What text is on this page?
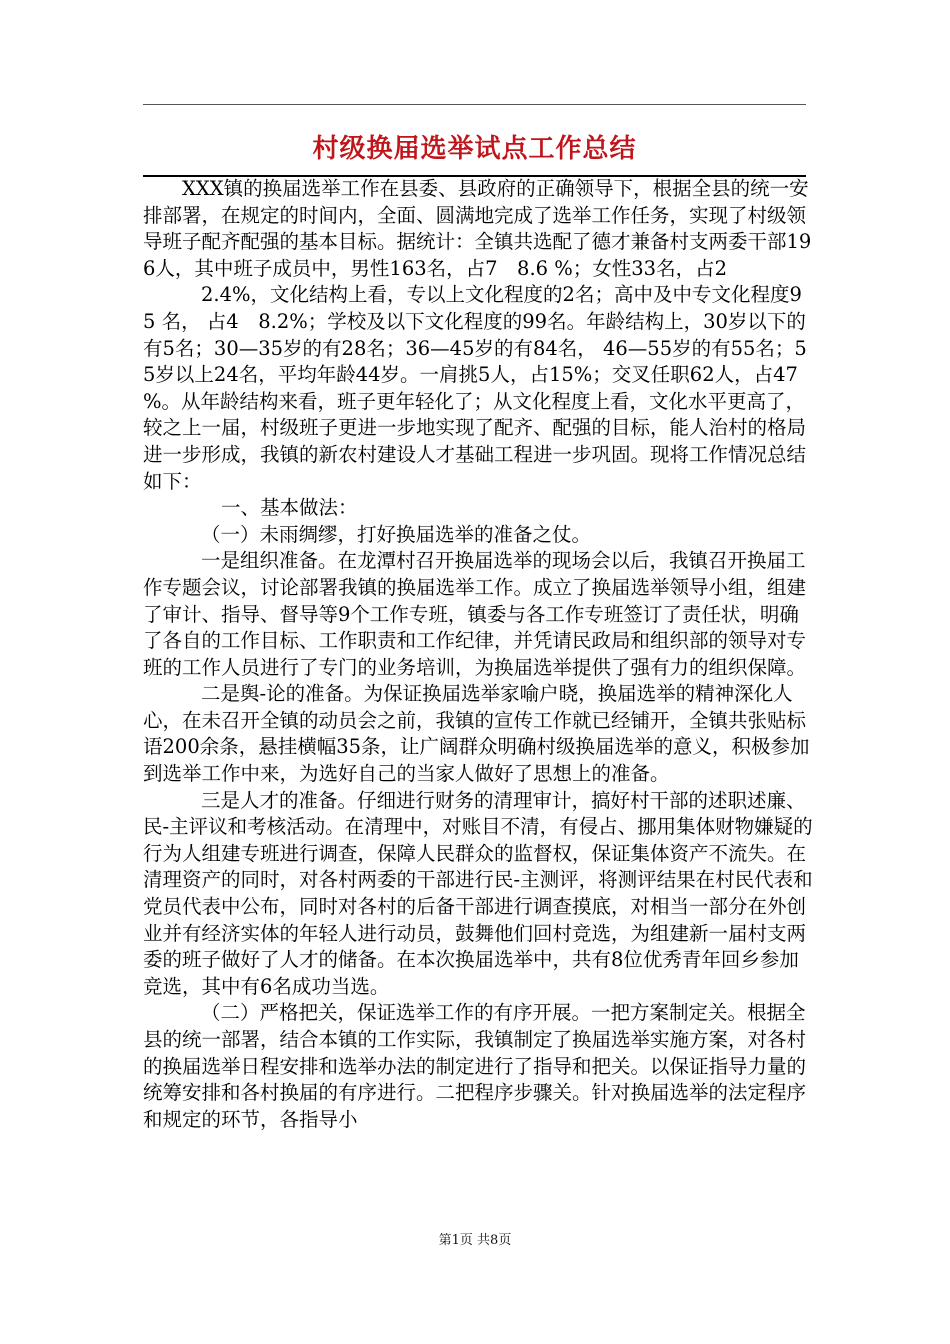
村级换届选举试点工作总结

XXX镇的换届选举工作在县委、县政府的正确领导下，根据全县的统一安排部署，在规定的时间内，全面、圆满地完成了选举工作任务，实现了村级领导班子配齐配强的基本目标。据统计：全镇共选配了德才兼备村支两委干部196人，其中班子成员中，男性163名，占7　8.6 %；女性33名，占2

2.4%，文化结构上看，专以上文化程度的2名；高中及中专文化程度95 名， 占4　8.2%；学校及以下文化程度的99名。年龄结构上，30岁以下的有5名；30—35岁的有28名；36—45岁的有84名， 46—55岁的有55名；55岁以上24名，平均年龄44岁。一肩挑5人，占15%；交叉任职62人，占47 %。从年龄结构来看，班子更年轻化了；从文化程度上看，文化水平更高了，较之上一届，村级班子更进一步地实现了配齐、配强的目标，能人治村的格局进一步形成，我镇的新农村建设人才基础工程进一步巩固。现将工作情况总结如下：

一、基本做法：

（一）未雨绸缪，打好换届选举的准备之仗。

一是组织准备。在龙潭村召开换届选举的现场会以后，我镇召开换届工作专题会议，讨论部署我镇的换届选举工作。成立了换届选举领导小组，组建了审计、指导、督导等9个工作专班，镇委与各工作专班签订了责任状，明确了各自的工作目标、工作职责和工作纪律，并凭请民政局和组织部的领导对专班的工作人员进行了专门的业务培训，为换届选举提供了强有力的组织保障。

二是舆-论的准备。为保证换届选举家喻户晓，换届选举的精神深化人心，在未召开全镇的动员会之前，我镇的宣传工作就已经铺开，全镇共张贴标语200余条，悬挂横幅35条，让广阔群众明确村级换届选举的意义，积极参加到选举工作中来，为选好自己的当家人做好了思想上的准备。

三是人才的准备。仔细进行财务的清理审计，搞好村干部的述职述廉、民-主评议和考核活动。在清理中，对账目不清，有侵占、挪用集体财物嫌疑的行为人组建专班进行调查，保障人民群众的监督权，保证集体资产不流失。在清理资产的同时，对各村两委的干部进行民-主测评，将测评结果在村民代表和党员代表中公布，同时对各村的后备干部进行调查摸底，对相当一部分在外创业并有经济实体的年轻人进行动员，鼓舞他们回村竞选，为组建新一届村支两委的班子做好了人才的储备。在本次换届选举中，共有8位优秀青年回乡参加竞选，其中有6名成功当选。

（二）严格把关，保证选举工作的有序开展。一把方案制定关。根据全县的统一部署，结合本镇的工作实际，我镇制定了换届选举实施方案，对各村的换届选举日程安排和选举办法的制定进行了指导和把关。以保证指导力量的统筹安排和各村换届的有序进行。二把程序步骤关。针对换届选举的法定程序和规定的环节，各指导小

第1页 共8页
